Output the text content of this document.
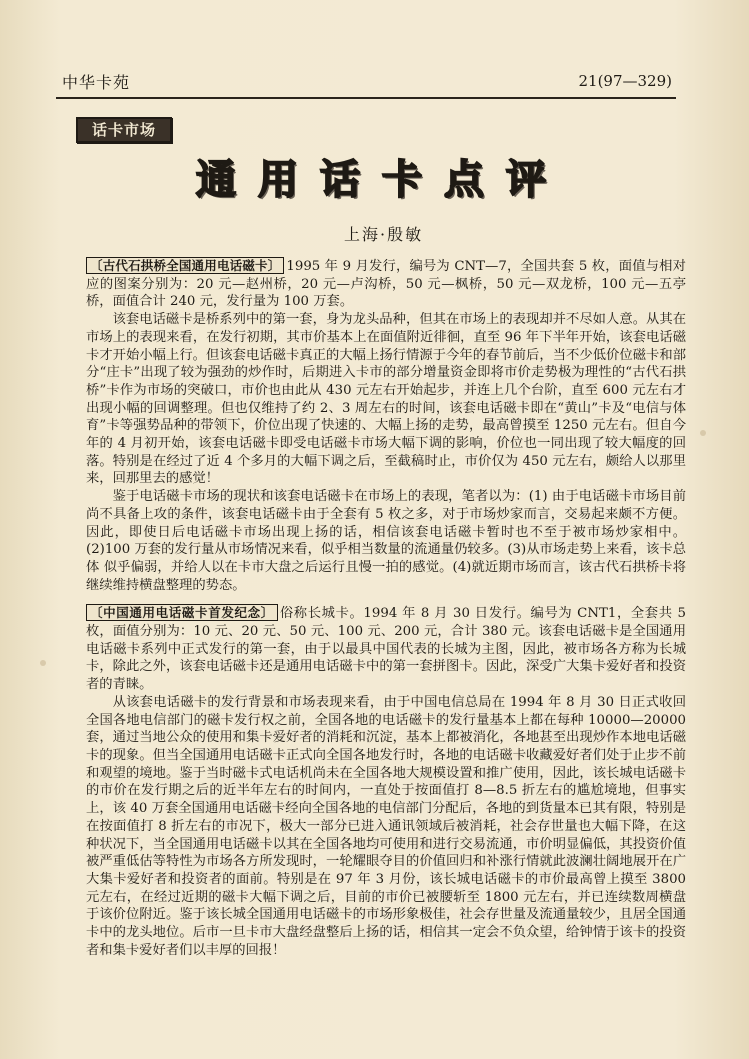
中华卡苑	21(97—329)
话卡市场
通用话卡点评
上海·殷敏

〔古代石拱桥全国通用电话磁卡〕 1995 年 9 月发行，编号为 CNT—7，全国共套 5 枚，面值与相对应的图案分别为：20 元—赵州桥，20 元—卢沟桥，50 元—枫桥，50 元—双龙桥，100 元—五亭桥，面值合计 240 元，发行量为 100 万套。

该套电话磁卡是桥系列中的第一套，身为龙头品种，但其在市场上的表现却并不尽如人意。从其在市场上的表现来看，在发行初期，其市价基本上在面值附近徘徊，直至 96 年下半年开始，该套电话磁卡才开始小幅上行。但该套电话磁卡真正的大幅上扬行情源于今年的春节前后，当不少低价位磁卡和部分“庄卡”出现了较为强劲的炒作时，后期进入卡市的部分增量资金即将市价走势极为理性的“古代石拱桥”卡作为市场的突破口，市价也由此从 430 元左右开始起步，并连上几个台阶，直至 600 元左右才出现小幅的回调整理。但也仅维持了约 2、3 周左右的时间，该套电话磁卡即在“黄山”卡及“电信与体育”卡等强势品种的带领下，价位出现了快速的、大幅上扬的走势，最高曾摸至 1250 元左右。但自今年的 4 月初开始，该套电话磁卡即受电话磁卡市场大幅下调的影响，价位也一同出现了较大幅度的回落。特别是在经过了近 4 个多月的大幅下调之后，至截稿时止，市价仅为 450 元左右，颇给人以那里来，回那里去的感觉！

鉴于电话磁卡市场的现状和该套电话磁卡在市场上的表现，笔者以为：(1) 由于电话磁卡市场目前尚不具备上攻的条件，该套电话磁卡由于全套有 5 枚之多，对于市场炒家而言，交易起来颇不方便。因此，即使日后电话磁卡市场出现上扬的话，相信该套电话磁卡暂时也不至于被市场炒家相中。(2)100 万套的发行量从市场情况来看，似乎相当数量的流通量仍较多。(3)从市场走势上来看，该卡总体 似乎偏弱，并给人以在卡市大盘之后运行且慢一拍的感觉。(4)就近期市场而言，该古代石拱桥卡将继续维持横盘整理的势态。

〔中国通用电话磁卡首发纪念〕 俗称长城卡。1994 年 8 月 30 日发行。编号为 CNT1，全套共 5 枚，面值分别为：10 元、20 元、50 元、100 元、200 元，合计 380 元。该套电话磁卡是全国通用电话磁卡系列中正式发行的第一套，由于以最具中国代表的长城为主图，因此，被市场各方称为长城卡，除此之外，该套电话磁卡还是通用电话磁卡中的第一套拼图卡。因此，深受广大集卡爱好者和投资者的青睐。

从该套电话磁卡的发行背景和市场表现来看，由于中国电信总局在 1994 年 8 月 30 日正式收回全国各地电信部门的磁卡发行权之前，全国各地的电话磁卡的发行量基本上都在每种 10000—20000 套，通过当地公众的使用和集卡爱好者的消耗和沉淀，基本上都被消化，各地甚至出现炒作本地电话磁卡的现象。但当全国通用电话磁卡正式向全国各地发行时，各地的电话磁卡收藏爱好者们处于止步不前和观望的境地。鉴于当时磁卡式电话机尚未在全国各地大规模设置和推广使用，因此，该长城电话磁卡的市价在发行期之后的近半年左右的时间内，一直处于按面值打 8—8.5 折左右的尴尬境地，但事实上，该 40 万套全国通用电话磁卡经向全国各地的电信部门分配后，各地的到货量本已其有限，特别是在按面值打 8 折左右的市况下，极大一部分已进入通讯领域后被消耗，社会存世量也大幅下降，在这种状况下，当全国通用电话磁卡以其在全国各地均可使用和进行交易流通，市价明显偏低，其投资价值被严重低估等特性为市场各方所发现时，一轮耀眼夺目的价值回归和补涨行情就此波澜壮阔地展开在广大集卡爱好者和投资者的面前。特别是在 97 年 3 月份，该长城电话磁卡的市价最高曾上摸至 3800 元左右，在经过近期的磁卡大幅下调之后，目前的市价已被腰斩至 1800 元左右，并已连续数周横盘于该价位附近。鉴于该长城全国通用电话磁卡的市场形象极佳，社会存世量及流通量较少，且居全国通卡中的龙头地位。后市一旦卡市大盘经盘整后上扬的话，相信其一定会不负众望，给钟情于该卡的投资者和集卡爱好者们以丰厚的回报！
